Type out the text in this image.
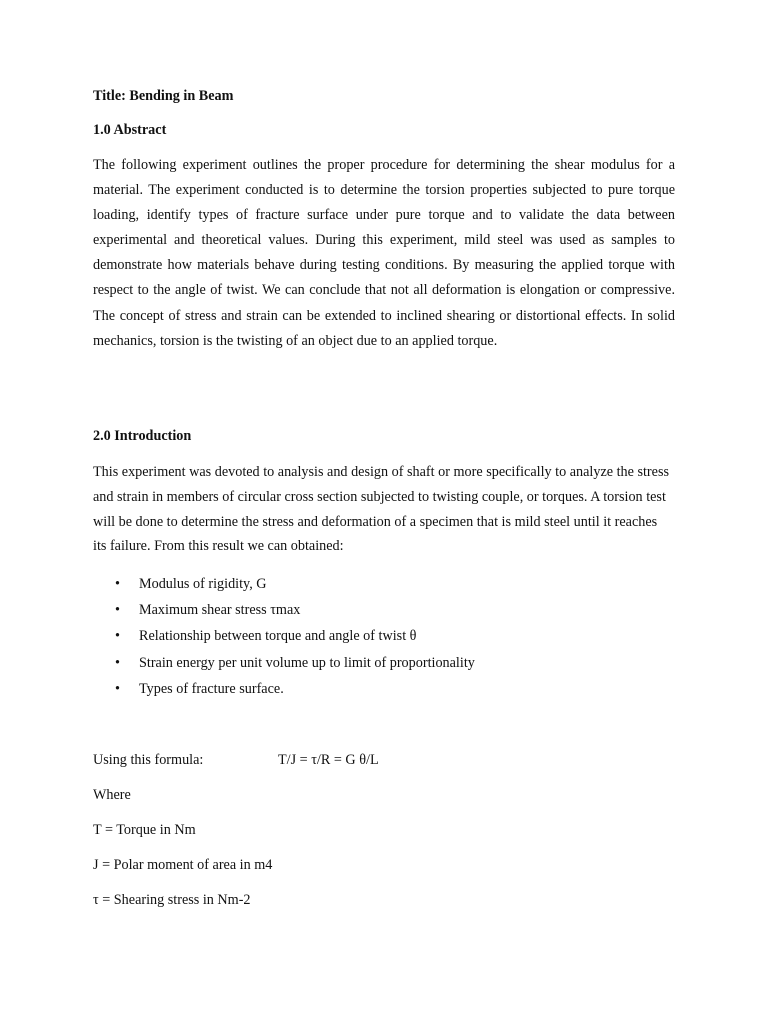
Title: Bending in Beam
1.0 Abstract

The following experiment outlines the proper procedure for determining the shear modulus for a material. The experiment conducted is to determine the torsion properties subjected to pure torque loading, identify types of fracture surface under pure torque and to validate the data between experimental and theoretical values. During this experiment, mild steel was used as samples to demonstrate how materials behave during testing conditions. By measuring the applied torque with respect to the angle of twist. We can conclude that not all deformation is elongation or compressive. The concept of stress and strain can be extended to inclined shearing or distortional effects. In solid mechanics, torsion is the twisting of an object due to an applied torque.

2.0 Introduction

This experiment was devoted to analysis and design of shaft or more specifically to analyze the stress and strain in members of circular cross section subjected to twisting couple, or torques. A torsion test will be done to determine the stress and deformation of a specimen that is mild steel until it reaches its failure. From this result we can obtained:

• Modulus of rigidity, G
• Maximum shear stress τmax
• Relationship between torque and angle of twist θ
• Strain energy per unit volume up to limit of proportionality
• Types of fracture surface.
Using this formula:	T/J = τ/R = G θ/L
Where
T = Torque in Nm
J = Polar moment of area in m4
τ = Shearing stress in Nm-2
